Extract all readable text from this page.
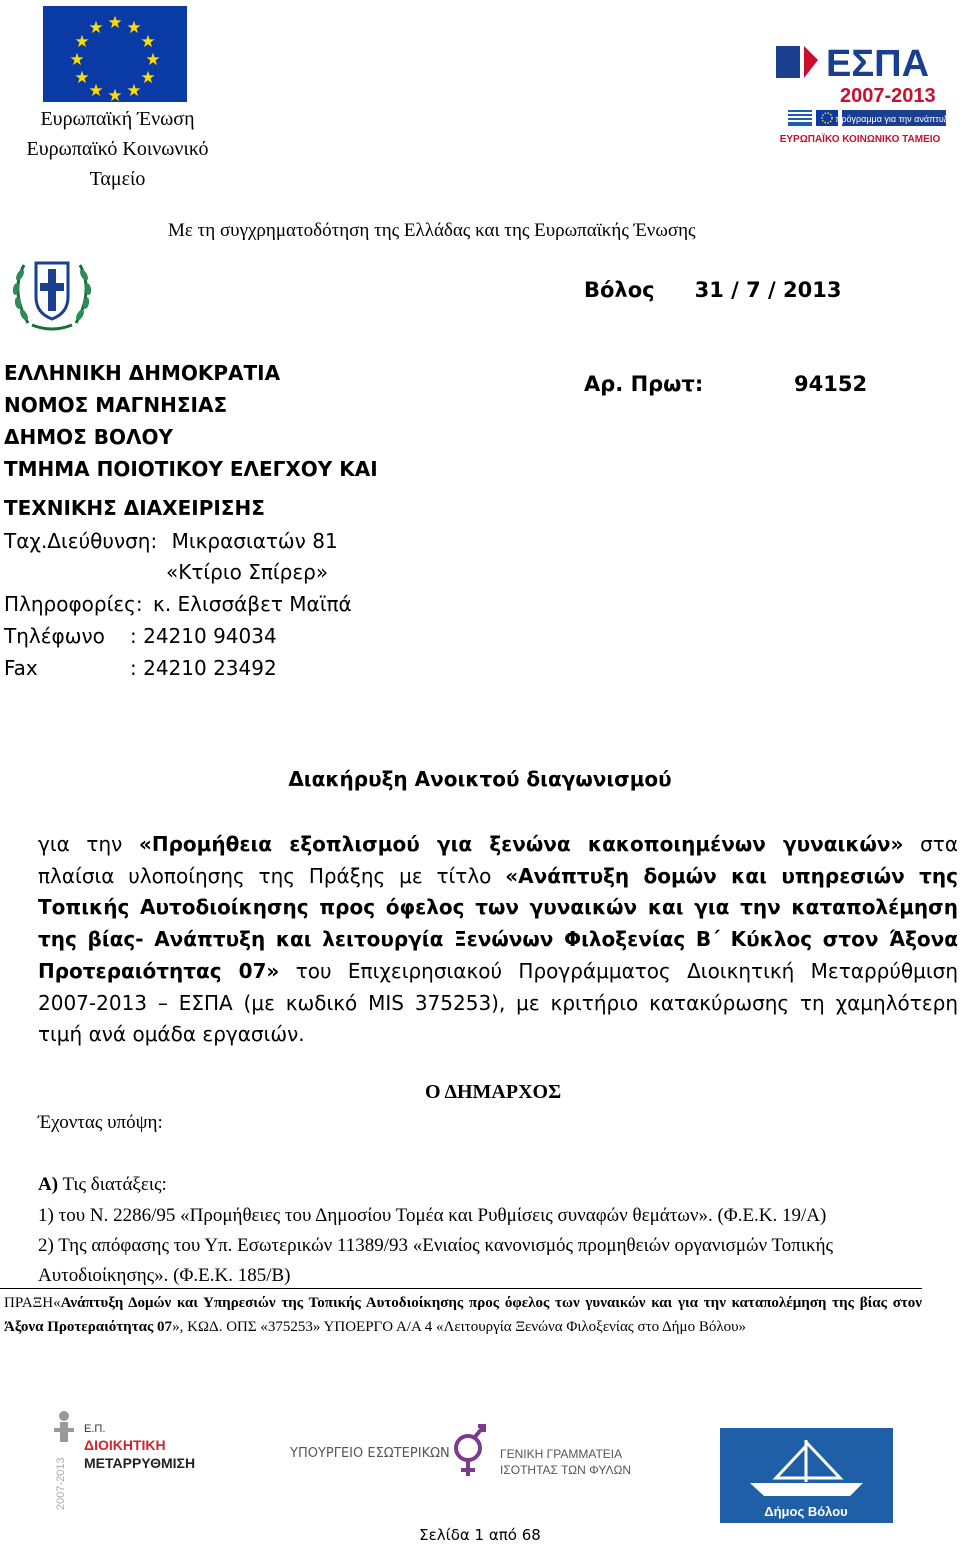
★ ★
★
★
★
★
★
★
★
★
★
★
Ευρωπαϊκή Ένωση
Ευρωπαϊκό Κοινωνικό
Ταμείο
ΕΣΠΑ
2007-2013
πρόγραμμα για την ανάπτυξη
ΕΥΡΩΠΑΪΚΟ ΚΟΙΝΩΝΙΚΟ ΤΑΜΕΙΟ
Με τη συγχρηματοδότηση της Ελλάδας και της Ευρωπαϊκής Ένωσης
Βόλος 31 / 7 / 2013
Αρ. Πρωτ:	94152
ΕΛΛΗΝΙΚΗ ΔΗΜΟΚΡΑΤΙΑ
ΝΟΜΟΣ ΜΑΓΝΗΣΙΑΣ
ΔΗΜΟΣ ΒΟΛΟΥ
ΤΜΗΜΑ ΠΟΙΟΤΙΚΟΥ ΕΛΕΓΧΟΥ ΚΑΙ
ΤΕΧΝΙΚΗΣ ΔΙΑΧΕΙΡΙΣΗΣ
Ταχ.Διεύθυνση: Μικρασιατών 81
«Κτίριο Σπίρερ»
Πληροφορίες: κ. Ελισσάβετ Μαϊπά
Τηλέφωνο : 24210 94034
Fax	: 24210 23492
Διακήρυξη Ανοικτού διαγωνισμού
για την «Προμήθεια εξοπλισμού για ξενώνα κακοποιημένων γυναικών» στα πλαίσια υλοποίησης της Πράξης με τίτλο «Ανάπτυξη δομών και υπηρεσιών της Τοπικής Αυτοδιοίκησης προς όφελος των γυναικών και για την καταπολέμηση της βίας- Ανάπτυξη και λειτουργία Ξενώνων Φιλοξενίας Β΄ Κύκλος στον Άξονα Προτεραιότητας 07» του Επιχειρησιακού Προγράμματος Διοικητική Μεταρρύθμιση 2007-2013 – ΕΣΠΑ (με κωδικό MIS 375253), με κριτήριο κατακύρωσης τη χαμηλότερη τιμή ανά ομάδα εργασιών.
Ο ΔΗΜΑΡΧΟΣ
Έχοντας υπόψη:
Α) Τις διατάξεις:
1) του Ν. 2286/95 «Προμήθειες του Δημοσίου Τομέα και Ρυθμίσεις συναφών θεμάτων». (Φ.Ε.Κ. 19/Α)
2) Της απόφασης του Υπ. Εσωτερικών 11389/93 «Ενιαίος κανονισμός προμηθειών οργανισμών Τοπικής
Αυτοδιοίκησης». (Φ.Ε.Κ. 185/Β)
ΠΡΑΞΗ«Ανάπτυξη Δομών και Υπηρεσιών της Τοπικής Αυτοδιοίκησης προς όφελος των γυναικών και για την καταπολέμηση της βίας στον Άξονα Προτεραιότητας 07», ΚΩΔ. ΟΠΣ «375253» ΥΠΟΕΡΓΟ Α/Α 4 «Λειτουργία Ξενώνα Φιλοξενίας στο Δήμο Βόλου»
2007-2013
Ε.Π.
ΔΙΟΙΚΗΤΙΚΗ
ΜΕΤΑΡΡΥΘΜΙΣΗ
ΥΠΟΥΡΓΕΙΟ ΕΣΩΤΕΡΙΚΩΝ	ΓΕΝΙΚΗ ΓΡΑΜΜΑΤΕΙΑ
ΙΣΟΤΗΤΑΣ ΤΩΝ ΦΥΛΩΝ
Δήμος Βόλου
Σελίδα 1 από 68
